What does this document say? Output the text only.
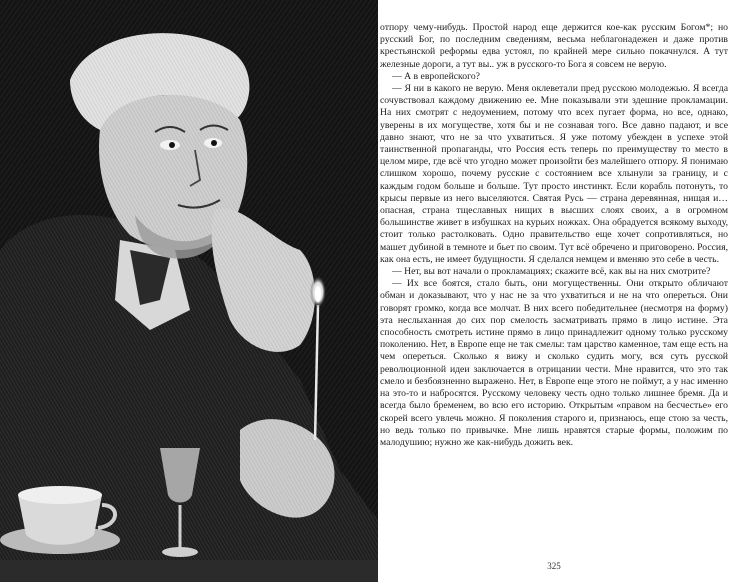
отпору чему-нибудь. Простой народ еще держится кое-как русским Богом*; но русский Бог, по последним сведениям, весьма неблагонадежен и даже против крестьянской реформы едва устоял, по крайней мере сильно покачнулся. А тут железные дороги, а тут вы.. уж в русского-то Бога я совсем не верую.

— А в европейского?

— Я ни в какого не верую. Меня оклеветали пред русскою молодежью. Я всегда сочувствовал каждому движению ее. Мне показывали эти здешние прокламации. На них смотрят с недоумением, потому что всех пугает форма, но все, однако, уверены в их могуществе, хотя бы и не сознавая того. Все давно падают, и все давно знают, что не за что ухватиться. Я уже потому убежден в успехе этой таинственной пропаганды, что Россия есть теперь по преимуществу то место в целом мире, где всё что угодно может произойти без малейшего отпору. Я понимаю слишком хорошо, почему русские с состоянием все хлынули за границу, и с каждым годом больше и больше. Тут просто инстинкт. Если корабль потонуть, то крысы первые из него выселяются. Святая Русь — страна деревянная, нищая и… опасная, страна тщеславных нищих в высших слоях своих, а в огромном большинстве живет в избушках на курьих ножках. Она обрадуется всякому выходу, стоит только растолковать. Одно правительство еще хочет сопротивляться, но машет дубиной в темноте и бьет по своим. Тут всё обречено и приговорено. Россия, как она есть, не имеет будущности. Я сделался немцем и вменяю это себе в честь.

— Нет, вы вот начали о прокламациях; скажите всё, как вы на них смотрите?

— Их все боятся, стало быть, они могущественны. Они открыто обличают обман и доказывают, что у нас не за что ухватиться и не на что опереться. Они говорят громко, когда все молчат. В них всего победительнее (несмотря на форму) эта неслыханная до сих пор смелость засматривать прямо в лицо истине. Эта способность смотреть истине прямо в лицо принадлежит одному только русскому поколению. Нет, в Европе еще не так смелы: там царство каменное, там еще есть на чем опереться. Сколько я вижу и сколько судить могу, вся суть русской революционной идеи заключается в отрицании чести. Мне нравится, что это так смело и безбоязненно выражено. Нет, в Европе еще этого не поймут, а у нас именно на это-то и набросятся. Русскому человеку честь одно только лишнее бремя. Да и всегда было бременем, во всю его историю. Открытым «правом на бесчестье» его скорей всего увлечь можно. Я поколения старого и, признаюсь, еще стою за честь, но ведь только по привычке. Мне лишь нравятся старые формы, положим по малодушию; нужно же как-нибудь дожить век.

325
